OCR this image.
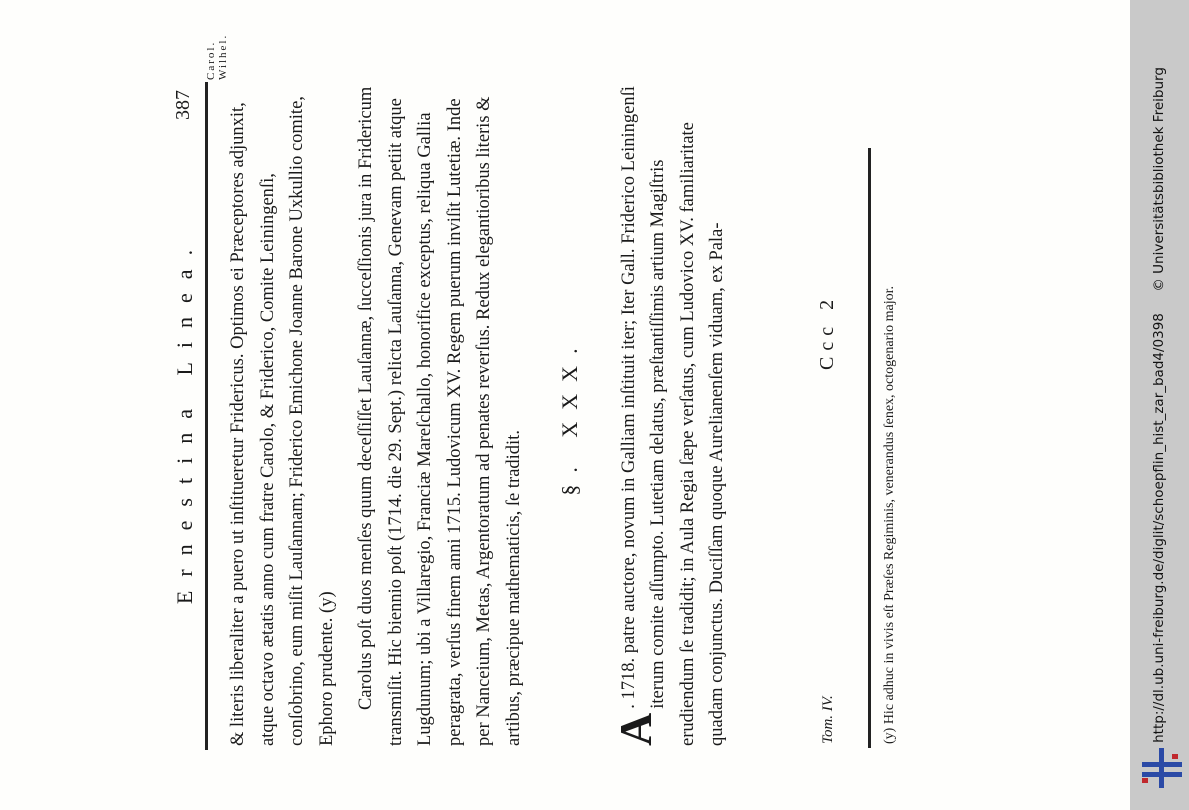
Ernestina Linea.
387
Carol. Wilhel.

& literis liberaliter a puero ut inſtitueretur Fridericus. Optimos ei Præceptores adjunxit, atque octavo ætatis anno cum fratre Carolo, & Friderico, Comite Leiningenſi, conſobrino, eum miſit Lauſannam; Friderico Emichone Joanne Barone Uxkullio comite, Ephoro prudente. (y) Carolus poſt duos menſes quum deceſſiſſet Lauſannæ, ſucceſſionis jura in Fridericum transmiſit. Hic biennio poſt (1714. die 29. Sept.) relicta Lauſanna, Genevam petiit atque Lugdunum; ubi a Villaregio, Franciæ Mareſchallo, honorifice exceptus, reliqua Gallia peragrata, verſus finem anni 1715. Ludovicum XV. Regem puerum inviſit Lutetiæ. Inde per Nanceium, Metas, Argentoratum ad penates reverſus. Redux elegantioribus literis & artibus, præcipue mathematicis, ſe tradidit.

§. XXX.

A
. 1718. patre auctore, novum in Galliam inſtituit iter; Iter Gall. Friderico Leiningenſi iterum comite aſſumpto. Lutetiam delatus, præſtantiſſimis artium Magiſtris erudiendum ſe tradidit; in Aula Regia ſæpe verſatus, cum Ludovico XV. familiaritate quadam conjunctus. Duciſſam quoque Aurelianenſem viduam, ex Pala-	Tom. IV.
Ccc 2	(y) Hic adhuc in vivis eſt Præſes Regiminis, venerandus ſenex, octogenario major.	http://dl.ub.uni-freiburg.de/diglit/schoepflin_hist_zar_bad4/0398     © Universitätsbibliothek Freiburg
